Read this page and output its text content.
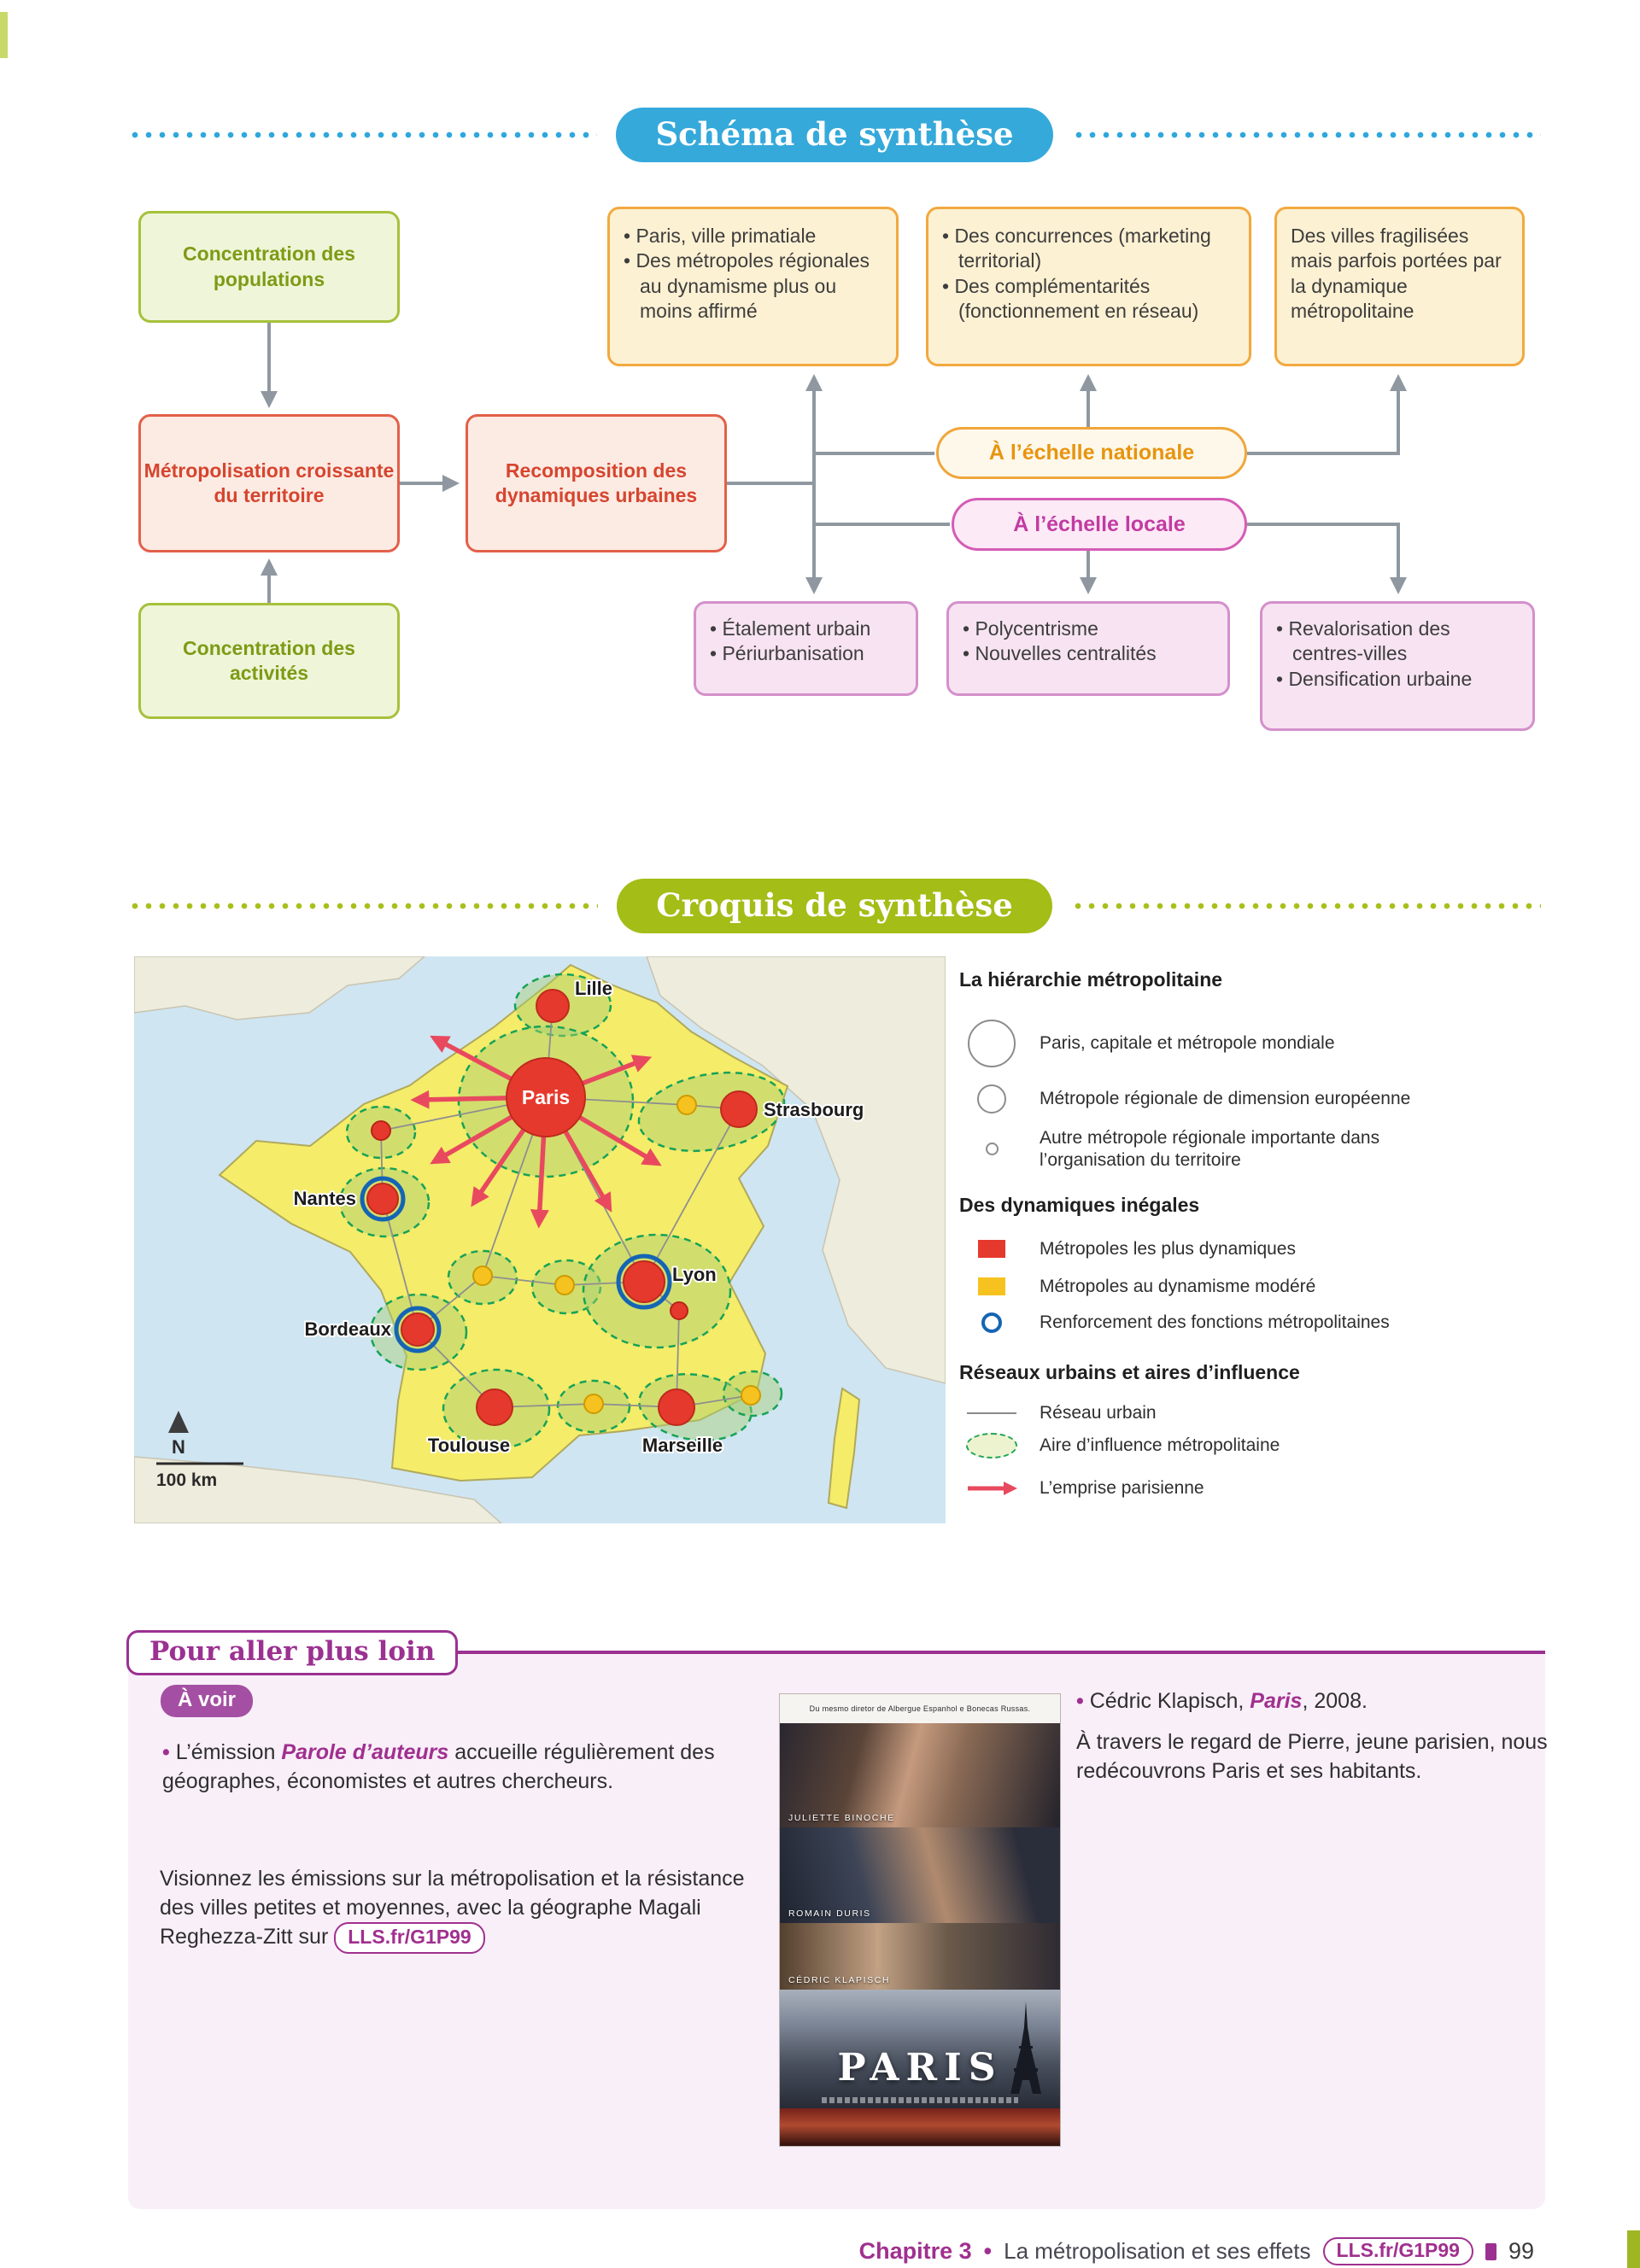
Schéma de synthèse
Concentration des populations
Métropolisation croissante du territoire
Concentration des activités
Recomposition des dynamiques urbaines
• Paris, ville primatiale
• Des métropoles régionales au dynamisme plus ou moins affirmé
• Des concurrences (marketing territorial)
• Des complémentarités (fonctionnement en réseau)
Des villes fragilisées mais parfois portées par la dynamique métropolitaine
À l’échelle nationale
À l’échelle locale
• Étalement urbain
• Périurbanisation
• Polycentrisme
• Nouvelles centralités
• Revalorisation des centres-villes
• Densification urbaine
Croquis de synthèse
Lille
Paris
Strasbourg
Nantes
Lyon
Bordeaux
Toulouse	Marseille
N
100 km
La hiérarchie métropolitaine
Paris, capitale et métropole mondiale
Métropole régionale de dimension européenne
Autre métropole régionale importante dans l’organisation du territoire
Des dynamiques inégales
Métropoles les plus dynamiques
Métropoles au dynamisme modéré
Renforcement des fonctions métropolitaines
Réseaux urbains et aires d’influence
Réseau urbain
Aire d’influence métropolitaine
L’emprise parisienne
Pour aller plus loin
À voir
• L’émission Parole d’auteurs accueille régulièrement des géographes, économistes et autres chercheurs.
Visionnez les émissions sur la métropolisation et la résistance des villes petites et moyennes, avec la géographe Magali Reghezza-Zitt sur LLS.fr/G1P99
Du mesmo diretor de Albergue Espanhol e Bonecas Russas.
JULIETTE BINOCHE
ROMAIN DURIS
CÉDRIC KLAPISCH
PARIS
• Cédric Klapisch, Paris, 2008.
À travers le regard de Pierre, jeune parisien, nous redécouvrons Paris et ses habitants.
Chapitre 3 • La métropolisation et ses effets	LLS.fr/G1P99	99
